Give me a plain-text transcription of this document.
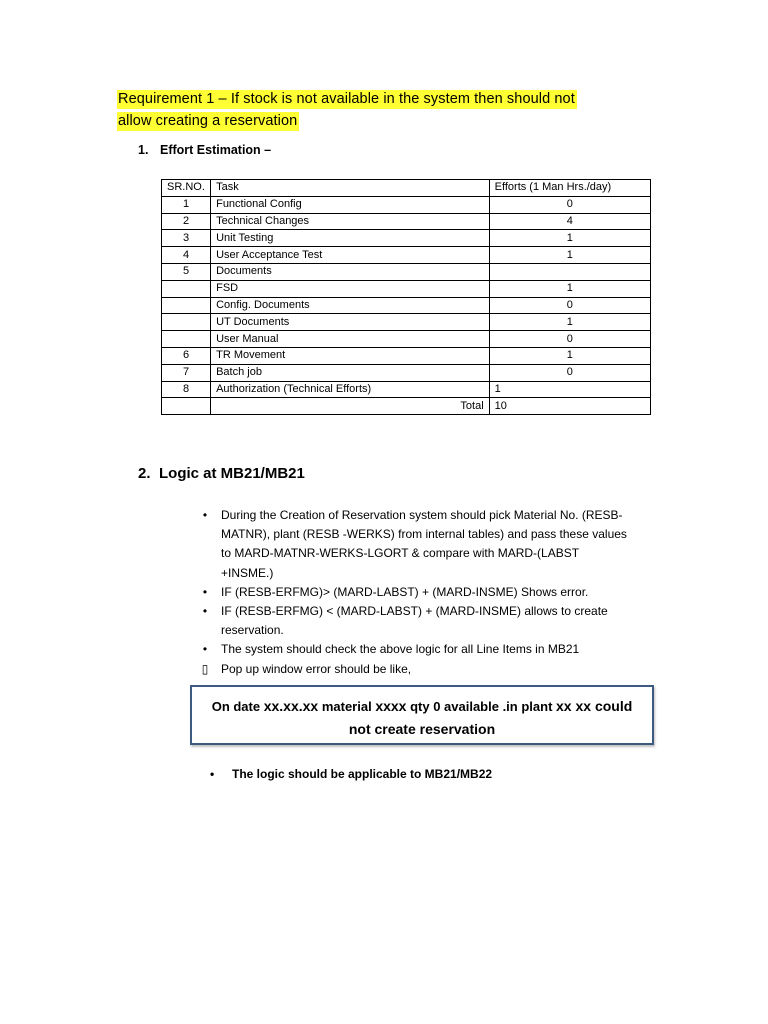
Requirement 1 – If stock is not available in the system then should not
allow creating a reservation
1. Effort Estimation –
SR.NO.	Task	Efforts (1 Man Hrs./day)
1	Functional Config	0
2	Technical Changes	4
3	Unit Testing	1
4	User Acceptance Test	1
5	Documents	
	FSD	1
	Config. Documents	0
	UT Documents	1
	User Manual	0
6	TR Movement	1
7	Batch job	0
8	Authorization (Technical Efforts)	1
	Total	10
2. Logic at MB21/MB21
•	During the Creation of Reservation system should pick Material No. (RESB-MATNR), plant (RESB -WERKS) from internal tables) and pass these values to MARD-MATNR-WERKS-LGORT & compare with MARD-(LABST +INSME.)
•	IF (RESB-ERFMG)> (MARD-LABST) + (MARD-INSME) Shows error.
•	IF (RESB-ERFMG) < (MARD-LABST) + (MARD-INSME) allows to create reservation.
•	The system should check the above logic for all Line Items in MB21
▯ Pop up window error should be like,
On date xx.xx.xx material xxxx qty 0 available .in plant xx xx could
not create reservation
• The logic should be applicable to MB21/MB22
